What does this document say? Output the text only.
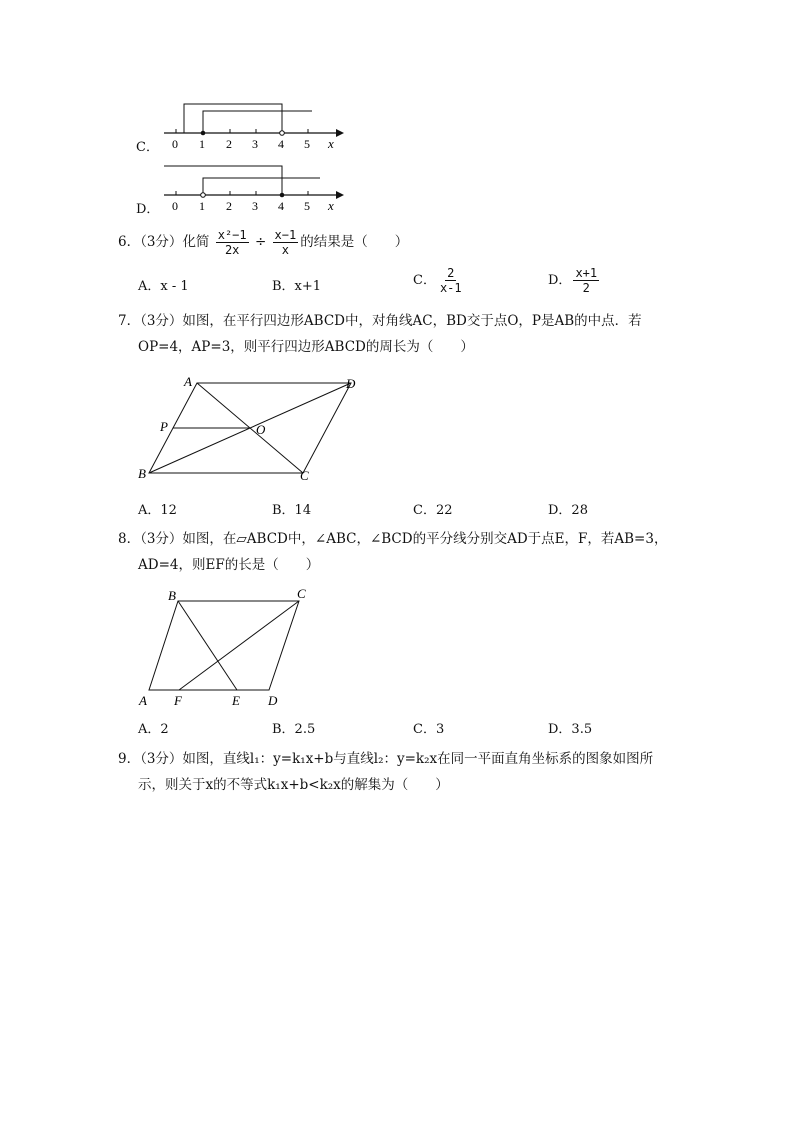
C． 0 1 2 3 4 5 x
D． 0 1 2 3 4 5 x
6．（3分）化简 $\frac{\text{x²−1}}{2x} \div \frac{x-1}{x}$ 的结果是（　　）
A．x - 1	B．x+1	C． $\frac{2}{x-1}$	D． $\frac{x+1}{2}$
7．（3分）如图，在平行四边形ABCD中，对角线AC，BD交于点O，P是AB的中点．若
OP=4，AP=3，则平行四边形ABCD的周长为（　　）
A	D
P	O
B	C
A．12	B．14	C．22	D．28
8．（3分）如图，在▱ABCD中，∠ABC，∠BCD的平分线分别交AD于点E，F，若AB=3，
AD=4，则EF的长是（　　）
B	C
A F	E D
A．2	B．2.5	C．3	D．3.5
9．（3分）如图，直线l₁：y=k₁x+b与直线l₂：y=k₂x在同一平面直角坐标系的图象如图所
示，则关于x的不等式k₁x+b<k₂x的解集为（　　）
